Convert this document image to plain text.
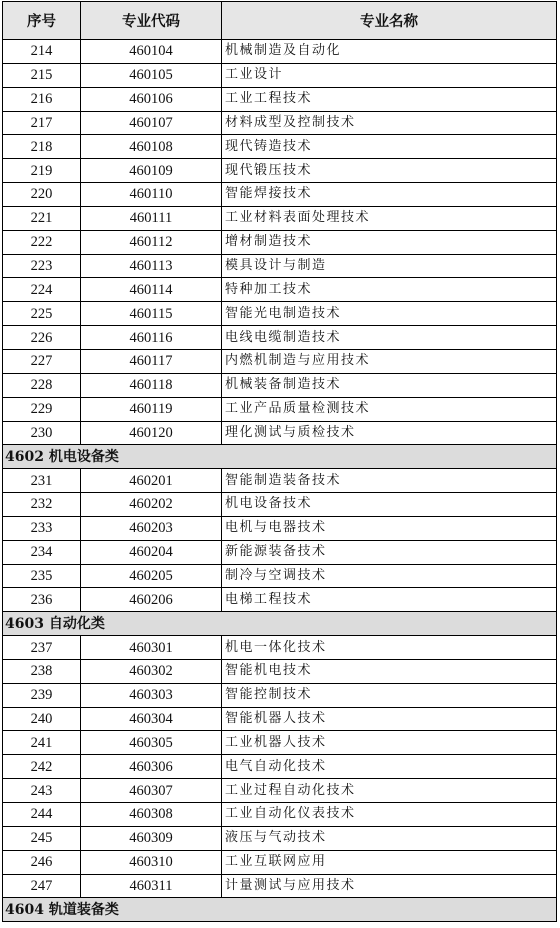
序号	专业代码	专业名称
214	460104	机械制造及自动化
215	460105	工业设计
216	460106	工业工程技术
217	460107	材料成型及控制技术
218	460108	现代铸造技术
219	460109	现代锻压技术
220	460110	智能焊接技术
221	460111	工业材料表面处理技术
222	460112	增材制造技术
223	460113	模具设计与制造
224	460114	特种加工技术
225	460115	智能光电制造技术
226	460116	电线电缆制造技术
227	460117	内燃机制造与应用技术
228	460118	机械装备制造技术
229	460119	工业产品质量检测技术
230	460120	理化测试与质检技术
4602 机电设备类		
231	460201	智能制造装备技术
232	460202	机电设备技术
233	460203	电机与电器技术
234	460204	新能源装备技术
235	460205	制冷与空调技术
236	460206	电梯工程技术
4603 自动化类		
237	460301	机电一体化技术
238	460302	智能机电技术
239	460303	智能控制技术
240	460304	智能机器人技术
241	460305	工业机器人技术
242	460306	电气自动化技术
243	460307	工业过程自动化技术
244	460308	工业自动化仪表技术
245	460309	液压与气动技术
246	460310	工业互联网应用
247	460311	计量测试与应用技术
4604 轨道装备类		
